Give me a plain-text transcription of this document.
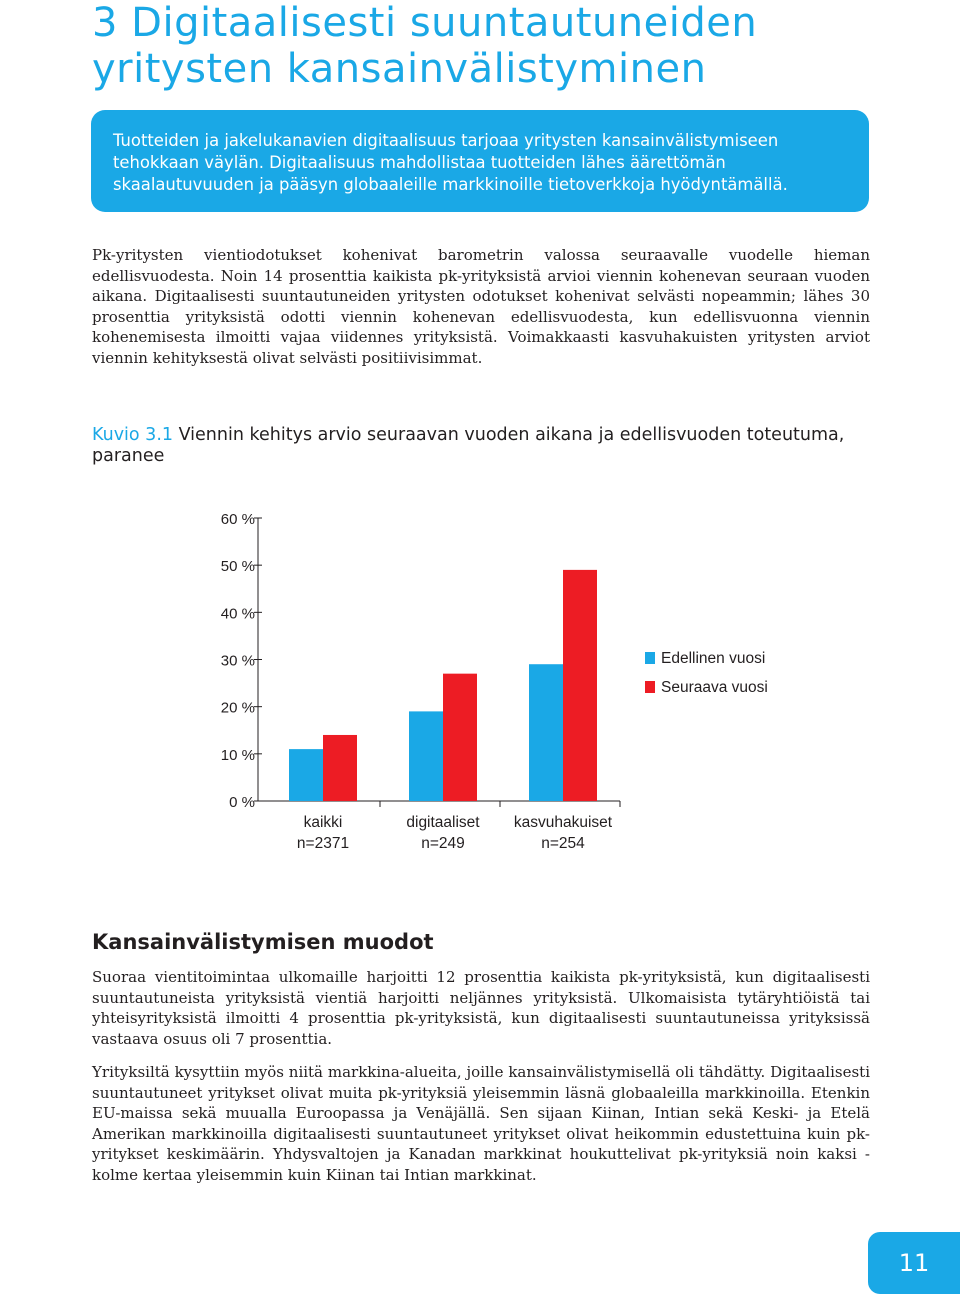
3 Digitaalisesti suuntautuneiden
yritysten kansainvälistyminen

Tuotteiden ja jakelukanavien digitaalisuus tarjoaa yritysten kansainvälistymiseen tehokkaan väylän. Digitaalisuus mahdollistaa tuotteiden lähes äärettömän skaalautuvuuden ja pääsyn globaaleille markkinoille tietoverkkoja hyödyntämällä.

Pk-yritysten vientiodotukset kohenivat barometrin valossa seuraavalle vuodelle hieman edellisvuodesta. Noin 14 prosenttia kaikista pk-yrityksistä arvioi viennin kohenevan seuraan vuoden aikana. Digitaalisesti suuntautuneiden yritysten odotukset kohenivat selvästi nopeammin; lähes 30 prosenttia yrityksistä odotti viennin kohenevan edellisvuodesta, kun edellisvuonna viennin kohenemisesta ilmoitti vajaa viidennes yrityksistä. Voimakkaasti kasvuhakuisten yritysten arviot viennin kehityksestä olivat selvästi positiivisimmat.

Kuvio 3.1 Viennin kehitys arvio seuraavan vuoden aikana ja edellisvuoden toteutuma, paranee

0 %
10 %
20 %
30 %
40 %
50 %
60 %
kaikki
n=2371
digitaaliset
n=249
kasvuhakuiset
n=254
Edellinen vuosi
Seuraava vuosi
Kansainvälistymisen muodot

Suoraa vientitoimintaa ulkomaille harjoitti 12 prosenttia kaikista pk-yrityksistä, kun digitaalisesti suuntautuneista yrityksistä vientiä harjoitti neljännes yrityksistä. Ulkomaisista tytäryhtiöistä tai yhteisyrityksistä ilmoitti 4 prosenttia pk-yrityksistä, kun digitaalisesti suuntautuneissa yrityksissä vastaava osuus oli 7 prosenttia.

Yrityksiltä kysyttiin myös niitä markkina-alueita, joille kansainvälistymisellä oli tähdätty. Digitaalisesti suuntautuneet yritykset olivat muita pk-yrityksiä yleisemmin läsnä globaaleilla markkinoilla. Etenkin EU-maissa sekä muualla Euroopassa ja Venäjällä. Sen sijaan Kiinan, Intian sekä Keski- ja Etelä Amerikan markkinoilla digitaalisesti suuntautuneet yritykset olivat heikommin edustettuina kuin pk-yritykset keskimäärin. Yhdysvaltojen ja Kanadan markkinat houkuttelivat pk-yrityksiä noin kaksi - kolme kertaa yleisemmin kuin Kiinan tai Intian markkinat.

11
